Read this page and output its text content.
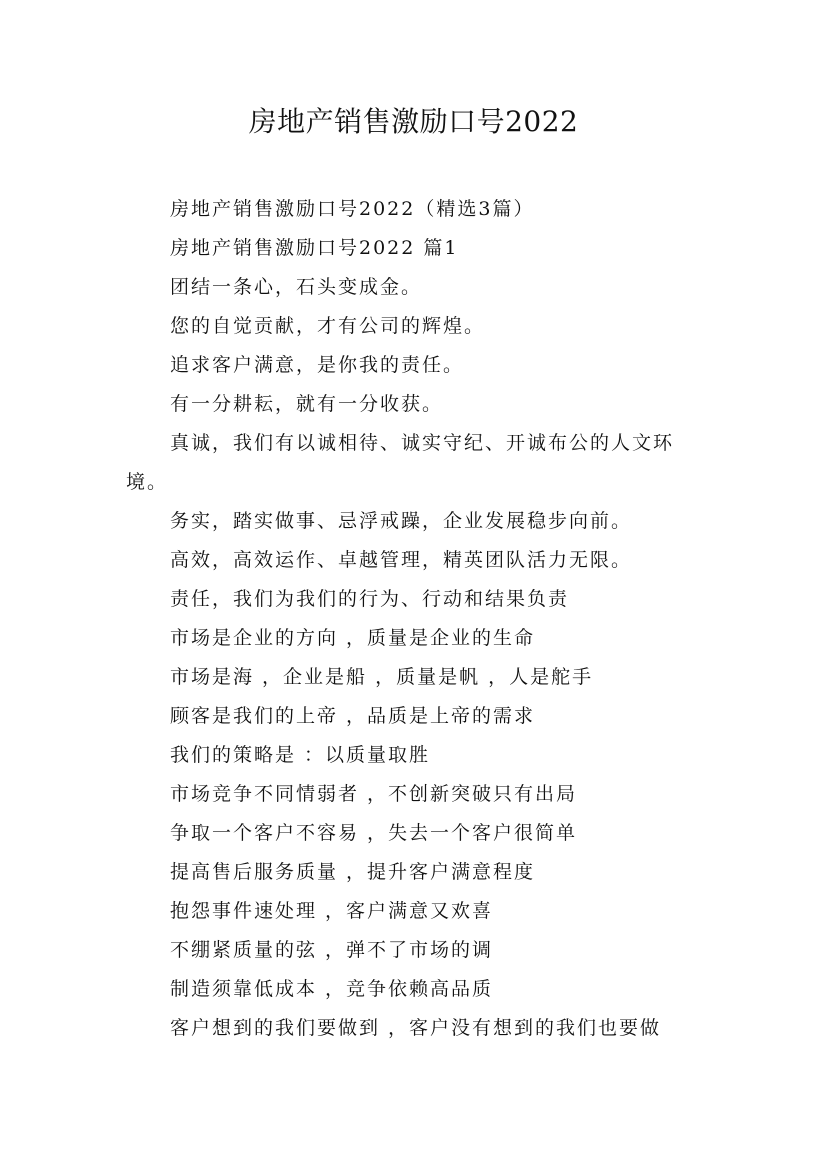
房地产销售激励口号2022

房地产销售激励口号2022（精选3篇）

房地产销售激励口号2022 篇1

团结一条心，石头变成金。

您的自觉贡献，才有公司的辉煌。

追求客户满意，是你我的责任。

有一分耕耘，就有一分收获。

真诚，我们有以诚相待、诚实守纪、开诚布公的人文环境。

务实，踏实做事、忌浮戒躁，企业发展稳步向前。

高效，高效运作、卓越管理，精英团队活力无限。

责任，我们为我们的行为、行动和结果负责

市场是企业的方向 ，质量是企业的生命

市场是海 ，企业是船 ，质量是帆 ，人是舵手

顾客是我们的上帝 ，品质是上帝的需求

我们的策略是 ：以质量取胜

市场竞争不同情弱者 ，不创新突破只有出局

争取一个客户不容易 ，失去一个客户很简单

提高售后服务质量 ，提升客户满意程度

抱怨事件速处理 ，客户满意又欢喜

不绷紧质量的弦 ，弹不了市场的调

制造须靠低成本 ，竞争依赖高品质

客户想到的我们要做到 ，客户没有想到的我们也要做
